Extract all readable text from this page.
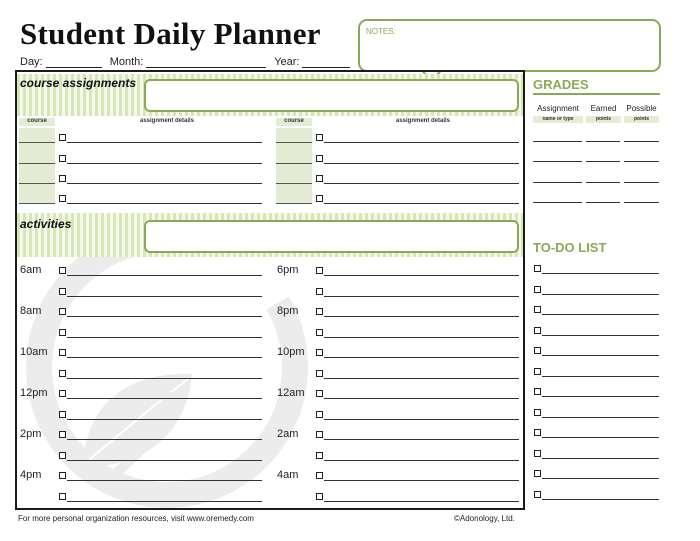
Student Daily Planner
Day:	Month:	Year:
NOTES:
course assignments
course	assignment details	course	assignment details
activities
6am
8am
10am
12pm
2pm
4pm
6pm
8pm
10pm
12am
2am
4am
GRADES
Assignment	Earned	Possible
name or type	points	points
TO-DO LIST
For more personal organization resources, visit www.oremedy.com	©Adonology, Ltd.
